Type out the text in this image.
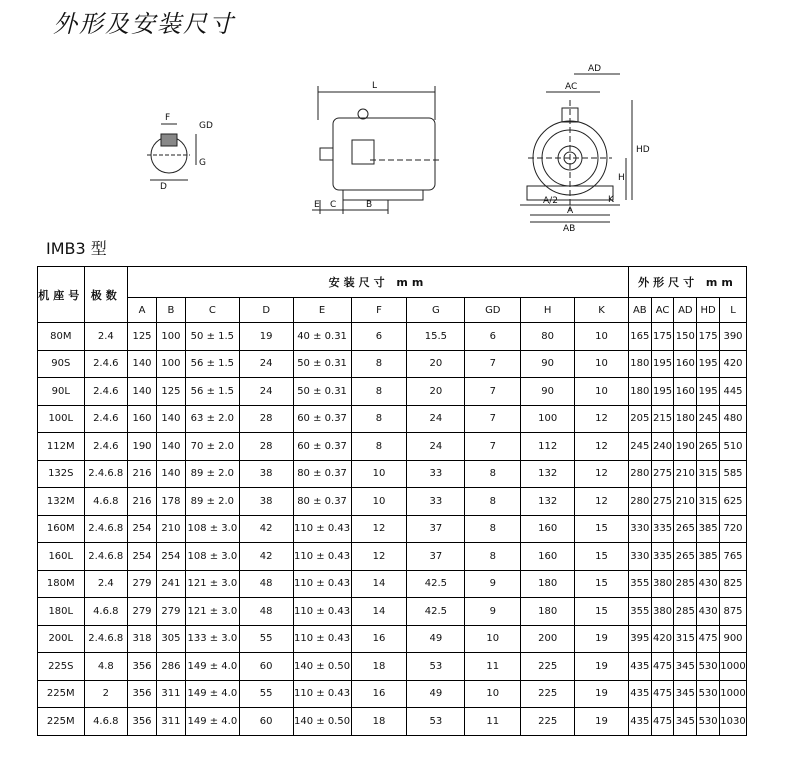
外形及安装尺寸
F
GD
G
D
L
E C	B
AD
AC
HD
H
A/2
A
AB
K
IMB3 型
机座号	极数	安装尺寸 mm										外形尺寸 mm				
		A	B	C	D	E	F	G	GD	H	K	AB	AC	AD	HD	L
80M	2.4	125	100	50 ± 1.5	19	40 ± 0.31	6	15.5	6	80	10	165	175	150	175	390
90S	2.4.6	140	100	56 ± 1.5	24	50 ± 0.31	8	20	7	90	10	180	195	160	195	420
90L	2.4.6	140	125	56 ± 1.5	24	50 ± 0.31	8	20	7	90	10	180	195	160	195	445
100L	2.4.6	160	140	63 ± 2.0	28	60 ± 0.37	8	24	7	100	12	205	215	180	245	480
112M	2.4.6	190	140	70 ± 2.0	28	60 ± 0.37	8	24	7	112	12	245	240	190	265	510
132S	2.4.6.8	216	140	89 ± 2.0	38	80 ± 0.37	10	33	8	132	12	280	275	210	315	585
132M	4.6.8	216	178	89 ± 2.0	38	80 ± 0.37	10	33	8	132	12	280	275	210	315	625
160M	2.4.6.8	254	210	108 ± 3.0	42	110 ± 0.43	12	37	8	160	15	330	335	265	385	720
160L	2.4.6.8	254	254	108 ± 3.0	42	110 ± 0.43	12	37	8	160	15	330	335	265	385	765
180M	2.4	279	241	121 ± 3.0	48	110 ± 0.43	14	42.5	9	180	15	355	380	285	430	825
180L	4.6.8	279	279	121 ± 3.0	48	110 ± 0.43	14	42.5	9	180	15	355	380	285	430	875
200L	2.4.6.8	318	305	133 ± 3.0	55	110 ± 0.43	16	49	10	200	19	395	420	315	475	900
225S	4.8	356	286	149 ± 4.0	60	140 ± 0.50	18	53	11	225	19	435	475	345	530	1000
225M	2	356	311	149 ± 4.0	55	110 ± 0.43	16	49	10	225	19	435	475	345	530	1000
225M	4.6.8	356	311	149 ± 4.0	60	140 ± 0.50	18	53	11	225	19	435	475	345	530	1030
